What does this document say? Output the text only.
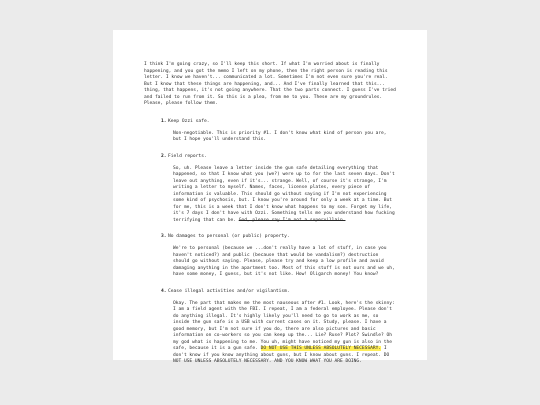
I think I'm going crazy, so I'll keep this short. If what I'm worried about is finally happening, and you got the memo I left on my phone, then the right person is reading this letter. I know we haven't... communicated a lot. Sometimes I'm not even sure you're real. But I know that these things are happening, and... And I've finally learned that this... thing, that happens, it's not going anywhere. That the two parts connect. I guess I've tried and failed to run from it. So this is a plea, from me to you. These are my groundrules. Please, please follow them.

1. Keep Ozzi safe.

Non-negotiable. This is priority #1. I don't know what kind of person you are, but I hope you'll understand this.

2. Field reports.

So, uh. Please leave a letter inside the gun safe detailing everything that happened, so that I know what you (we?) were up to for the last seven days. Don't leave out anything, even if it's... strange. Well, of course it's strange, I'm writing a letter to myself. Names, faces, license plates, every piece of information is valuable. This should go without saying if I'm not experiencing some kind of psychosis, but. I know you're around for only a week at a time. But for me, this is a week that I don't know what happens to my son. Forget my life, it's 7 days I don't have with Ozzi. Something tells me you understand how fucking terrifying that can be. God, please say I'm not a supervillain.

3. No damages to personal (or public) property.

We're to personal (because we ...don't really have a lot of stuff, in case you haven't noticed?) and public (because that would be vandalism?) destruction should go without saying. Please, please try and keep a low profile and avoid damaging anything in the apartment too. Most of this stuff is not ours and we uh, have some money, I guess, but it's not like. How! Oligarch money! You know?

4. Cease illegal activities and/or vigilantism.

Okay. The part that makes me the most nauseous after #1. Look, here's the skinny: I am a field agent with the FBI. I repeat, I am a federal employee. Please don't do anything illegal. It's highly likely you'll need to go to work as me, so inside the gun safe is a USB with current cases on it. Study, please. I have a good memory, but I'm not sure if you do, there are also pictures and basic information on co-workers so you can keep up the... Lie? Ruse? Plot? Swindle? Oh my god what is happening to me. You uh, might have noticed my gun is also in the safe, because it is a gun safe. DO NOT USE THIS UNLESS ABSOLUTELY NECESSARY. I don't know if you know anything about guns, but I know about guns. I repeat. DO NOT USE UNLESS ABSOLUTELY NECESSARY. AND YOU KNOW WHAT YOU ARE DOING.
